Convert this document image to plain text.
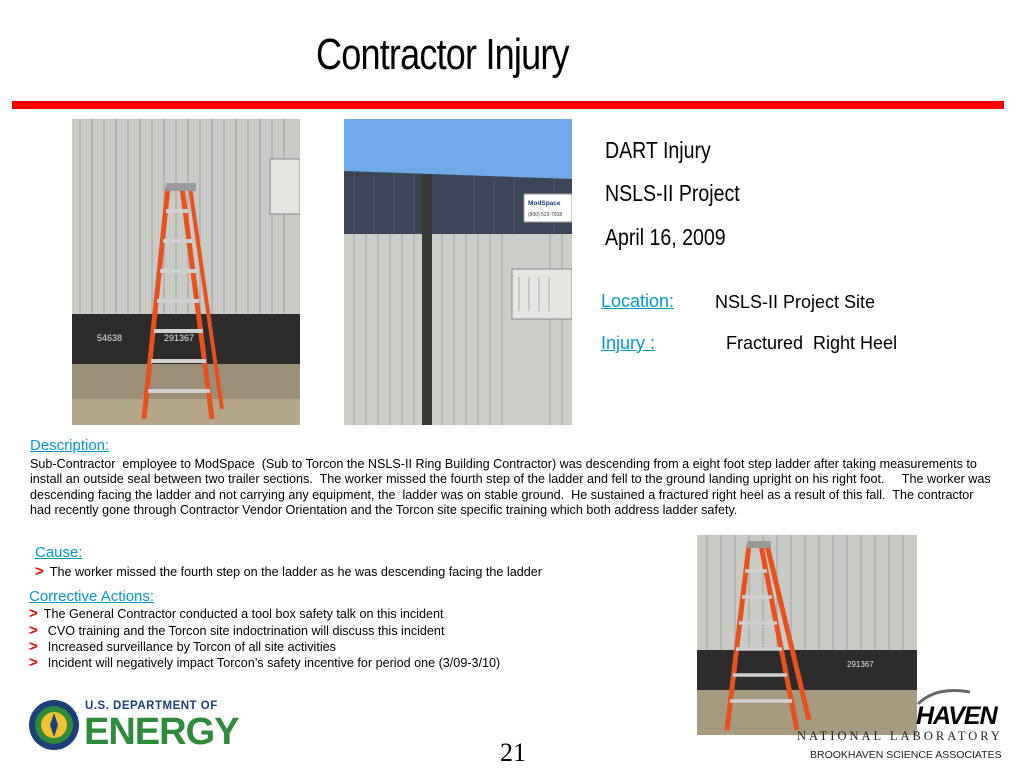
Contractor Injury
54638	291367
ModSpace
(800) 523-7918
DART Injury
NSLS-II Project
April 16, 2009
Location: NSLS-II Project Site
Injury :	Fractured  Right Heel
Description:
Sub-Contractor  employee to ModSpace  (Sub to Torcon the NSLS-II Ring Building Contractor) was descending from a eight foot step ladder after taking measurements to install an outside seal between two trailer sections.  The worker missed the fourth step of the ladder and fell to the ground landing upright on his right foot.     The worker was descending facing the ladder and not carrying any equipment, the  ladder was on stable ground.  He sustained a fractured right heel as a result of this fall.  The contractor had recently gone through Contractor Vendor Orientation and the Torcon site specific training which both address ladder safety.
Cause:
> The worker missed the fourth step on the ladder as he was descending facing the ladder
Corrective Actions:
> The General Contractor conducted a tool box safety talk on this incident
> CVO training and the Torcon site indoctrination will discuss this incident
> Increased surveillance by Torcon of all site activities
> Incident will negatively impact Torcon’s safety incentive for period one (3/09-3/10)	291367
U.S. DEPARTMENT OF
ENERGY	21
HAVEN
NATIONAL LABORATORY
BROOKHAVEN SCIENCE ASSOCIATES
